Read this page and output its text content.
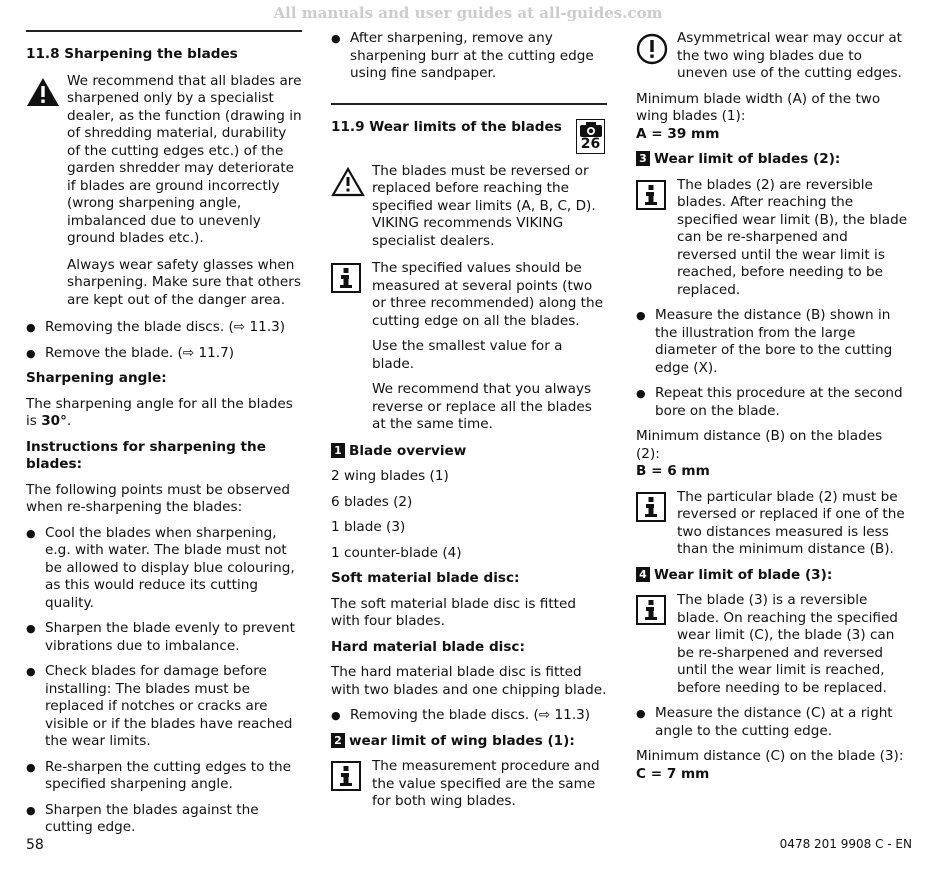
All manuals and user guides at all-guides.com
11.8 Sharpening the blades

We recommend that all blades are sharpened only by a specialist dealer, as the function (drawing in of shredding material, durability of the cutting edges etc.) of the garden shredder may deteriorate if blades are ground incorrectly (wrong sharpening angle, imbalanced due to unevenly ground blades etc.).

Always wear safety glasses when sharpening. Make sure that others are kept out of the danger area.

● Removing the blade discs. (⇨ 11.3)
● Remove the blade. (⇨ 11.7)
Sharpening angle:

The sharpening angle for all the blades is 30°.

Instructions for sharpening the blades:

The following points must be observed when re-sharpening the blades:

● Cool the blades when sharpening, e.g. with water. The blade must not be allowed to display blue colouring, as this would reduce its cutting quality.
● Sharpen the blade evenly to prevent vibrations due to imbalance.
● Check blades for damage before installing: The blades must be replaced if notches or cracks are visible or if the blades have reached the wear limits.
● Re-sharpen the cutting edges to the specified sharpening angle.
● Sharpen the blades against the cutting edge.
● After sharpening, remove any sharpening burr at the cutting edge using fine sandpaper.
11.9 Wear limits of the blades
26

The blades must be reversed or replaced before reaching the specified wear limits (A, B, C, D). VIKING recommends VIKING specialist dealers.

The specified values should be measured at several points (two or three recommended) along the cutting edge on all the blades.

Use the smallest value for a blade.

We recommend that you always reverse or replace all the blades at the same time.

1 Blade overview

2 wing blades (1)

6 blades (2)

1 blade (3)

1 counter-blade (4)

Soft material blade disc:

The soft material blade disc is fitted with four blades.

Hard material blade disc:

The hard material blade disc is fitted with two blades and one chipping blade.

● Removing the blade discs. (⇨ 11.3)
2 wear limit of wing blades (1):

The measurement procedure and the value specified are the same for both wing blades.

Asymmetrical wear may occur at the two wing blades due to uneven use of the cutting edges.

Minimum blade width (A) of the two wing blades (1):

A = 39 mm

3 Wear limit of blades (2):

The blades (2) are reversible blades. After reaching the specified wear limit (B), the blade can be re-sharpened and reversed until the wear limit is reached, before needing to be replaced.

● Measure the distance (B) shown in the illustration from the large diameter of the bore to the cutting edge (X).
● Repeat this procedure at the second bore on the blade.

Minimum distance (B) on the blades (2):

B = 6 mm

The particular blade (2) must be reversed or replaced if one of the two distances measured is less than the minimum distance (B).

4 Wear limit of blade (3):

The blade (3) is a reversible blade. On reaching the specified wear limit (C), the blade (3) can be re-sharpened and reversed until the wear limit is reached, before needing to be replaced.

● Measure the distance (C) at a right angle to the cutting edge.

Minimum distance (C) on the blade (3):

C = 7 mm

58	0478 201 9908 C - EN
